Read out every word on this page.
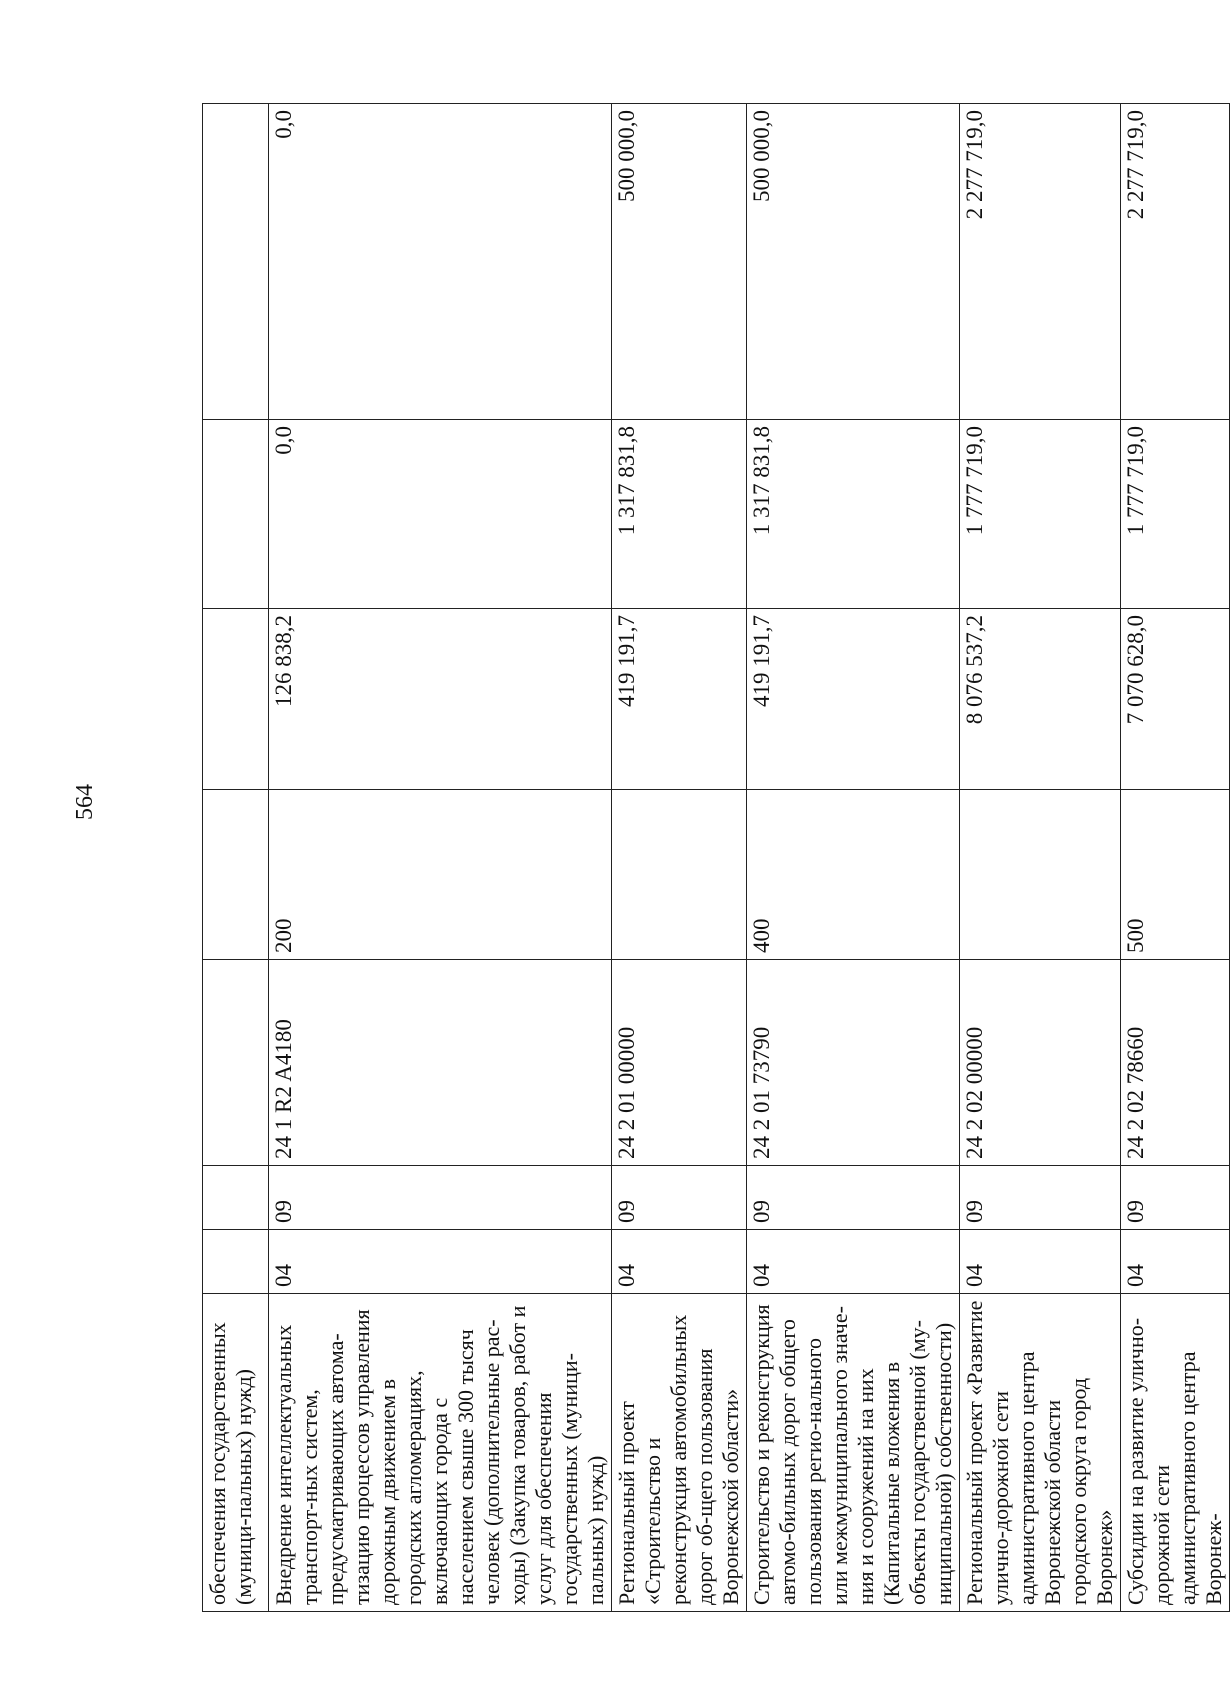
564
обеспечения государственных (муници-пальных) нужд)							
Внедрение интеллектуальных транспорт-ных систем, предусматривающих автома-тизацию процессов управления дорожным движением в городских агломерациях, включающих города с населением свыше 300 тысяч человек (дополнительные рас-ходы) (Закупка товаров, работ и услуг для обеспечения государственных (муници-пальных) нужд)	04	09	24 1 R2 A4180	200	126 838,2	0,0	0,0
Региональный проект «Строительство и реконструкция автомобильных дорог об-щего пользования Воронежской области»	04	09	24 2 01 00000		419 191,7	1 317 831,8	500 000,0
Строительство и реконструкция автомо-бильных дорог общего пользования регио-нального или межмуниципального значе-ния и сооружений на них (Капитальные вложения в объекты государственной (му-ниципальной) собственности)	04	09	24 2 01 73790	400	419 191,7	1 317 831,8	500 000,0
Региональный проект «Развитие улично-дорожной сети административного центра Воронежской области городского округа город Воронеж»	04	09	24 2 02 00000		8 076 537,2	1 777 719,0	2 277 719,0
Субсидии на развитие улично-дорожной сети административного центра Воронеж-	04	09	24 2 02 78660	500	7 070 628,0	1 777 719,0	2 277 719,0
